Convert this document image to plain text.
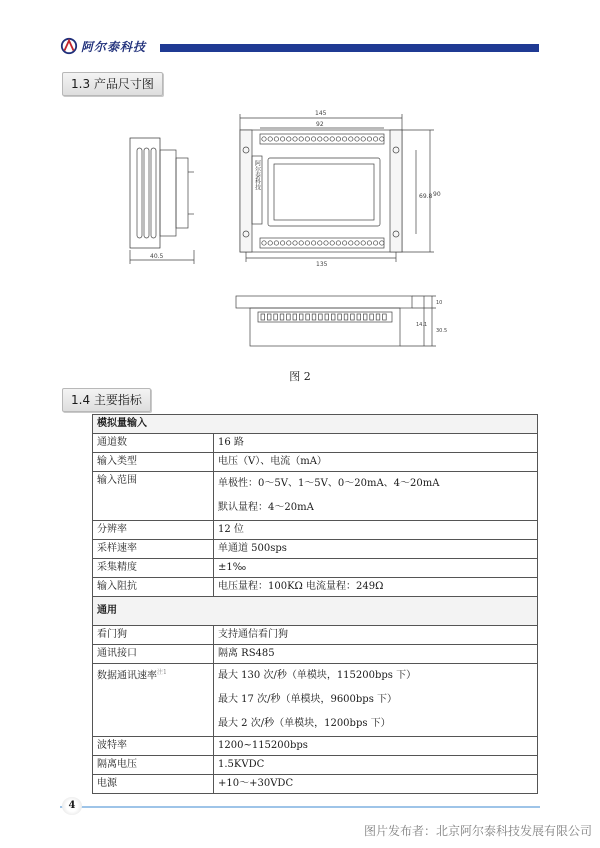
阿尔泰科技
1.3 产品尺寸图
40.5
阿尔泰科技
145
92
135
90
69.8
10
14.1
30.5
图 2
1.4 主要指标
模拟量输入	
通道数	16 路

输入类型	电压（V）、电流（mA）

输入范围	单极性：0～5V、1～5V、0～20mA、4～20mA
默认量程：4～20mA

分辨率	12 位

采样速率	单通道 500sps

采集精度	±1‰

输入阻抗	电压量程：100KΩ 电流量程：249Ω

通用	
看门狗	支持通信看门狗

通讯接口	隔离 RS485

数据通讯速率$^{注1}$	最大 130 次/秒（单模块，115200bps 下）
最大 17 次/秒（单模块，9600bps 下）
最大 2 次/秒（单模块，1200bps 下）

波特率	1200~115200bps

隔离电压	1.5KVDC

电源	+10～+30VDC
4
图片发布者：北京阿尔泰科技发展有限公司
